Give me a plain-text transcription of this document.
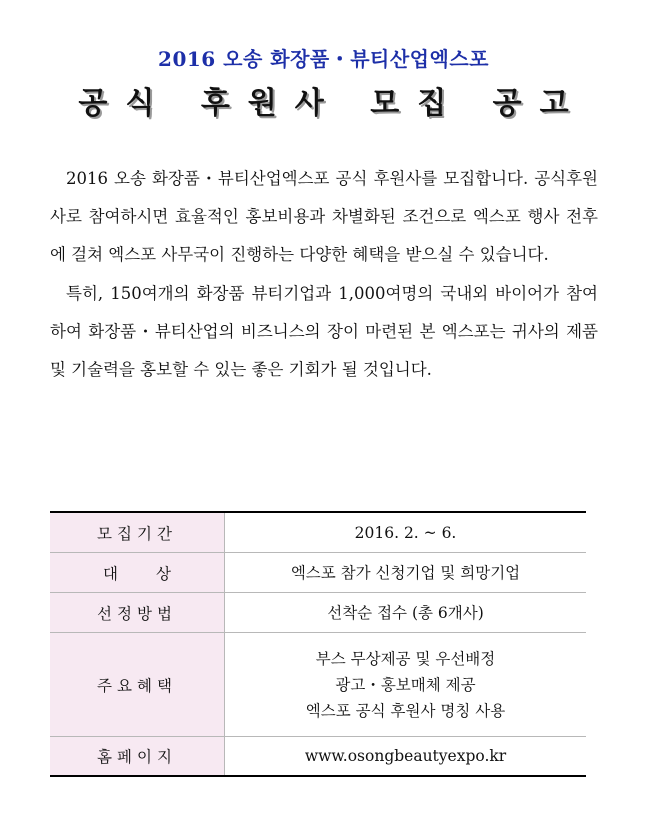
2016 오송 화장품・뷰티산업엑스포
공식 후원사 모집 공고

2016 오송 화장품・뷰티산업엑스포 공식 후원사를 모집합니다. 공식후원사로 참여하시면 효율적인 홍보비용과 차별화된 조건으로 엑스포 행사 전후에 걸쳐 엑스포 사무국이 진행하는 다양한 혜택을 받으실 수 있습니다.

특히, 150여개의 화장품 뷰티기업과 1,000여명의 국내외 바이어가 참여하여 화장품・뷰티산업의 비즈니스의 장이 마련된 본 엑스포는 귀사의 제품 및 기술력을 홍보할 수 있는 좋은 기회가 될 것입니다.

모집기간	2016. 2. ~ 6.
대상	엑스포 참가 신청기업 및 희망기업
선정방법	선착순 접수 (총 6개사)
주요혜택	부스 무상제공 및 우선배정
광고・홍보매체 제공
엑스포 공식 후원사 명칭 사용

홈페이지	www.osongbeautyexpo.kr
